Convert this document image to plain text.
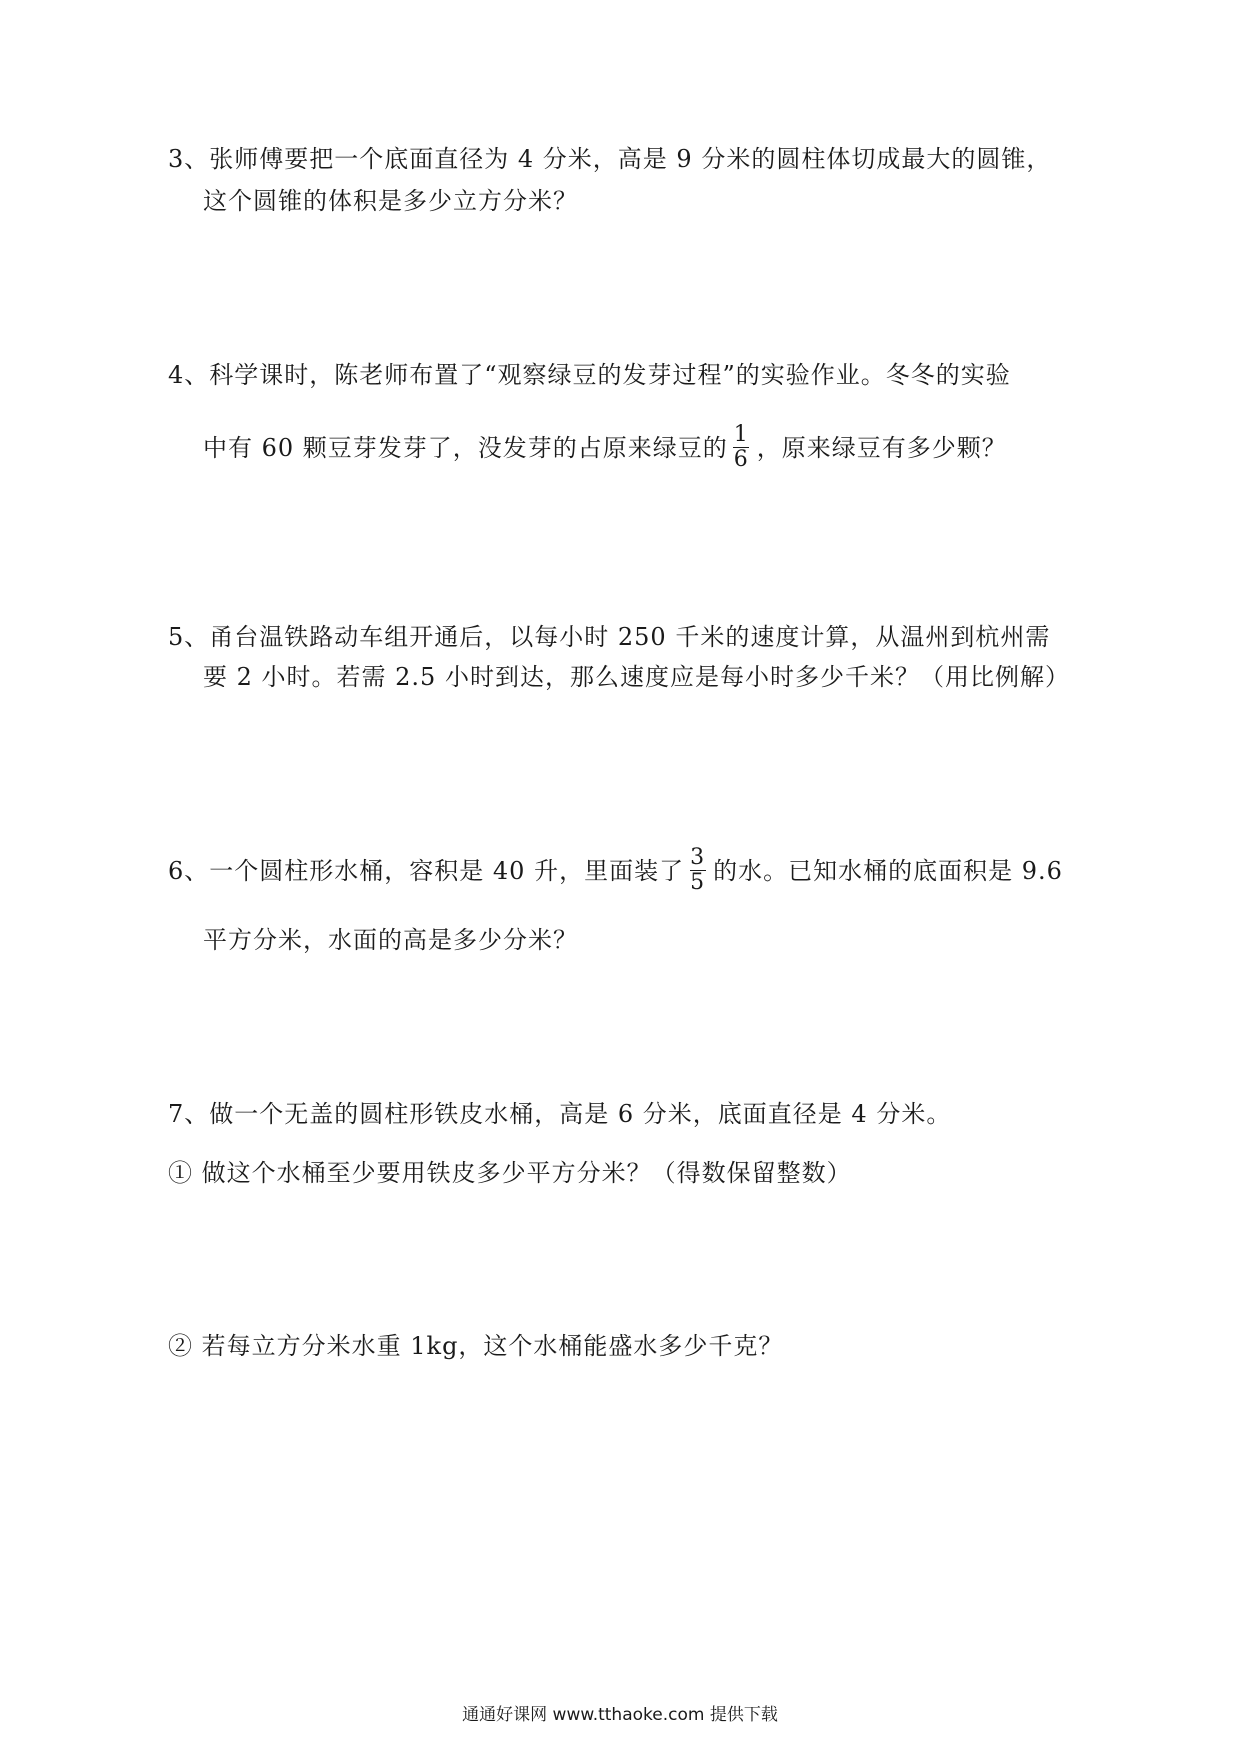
3、张师傅要把一个底面直径为 4 分米，高是 9 分米的圆柱体切成最大的圆锥，
这个圆锥的体积是多少立方分米？
4、科学课时，陈老师布置了“观察绿豆的发芽过程”的实验作业。冬冬的实验
中有 60 颗豆芽发芽了，没发芽的占原来绿豆的 $\frac{1}{6}$ ，原来绿豆有多少颗？
5、甬台温铁路动车组开通后，以每小时 250 千米的速度计算，从温州到杭州需
要 2 小时。若需 2.5 小时到达，那么速度应是每小时多少千米？（用比例解）
6、一个圆柱形水桶，容积是 40 升，里面装了 $\frac{3}{5}$ 的水。已知水桶的底面积是 9.6
平方分米，水面的高是多少分米？
7、做一个无盖的圆柱形铁皮水桶，高是 6 分米，底面直径是 4 分米。
① 做这个水桶至少要用铁皮多少平方分米？（得数保留整数）
② 若每立方分米水重 1kg，这个水桶能盛水多少千克？
通通好课网 www.tthaoke.com 提供下载
